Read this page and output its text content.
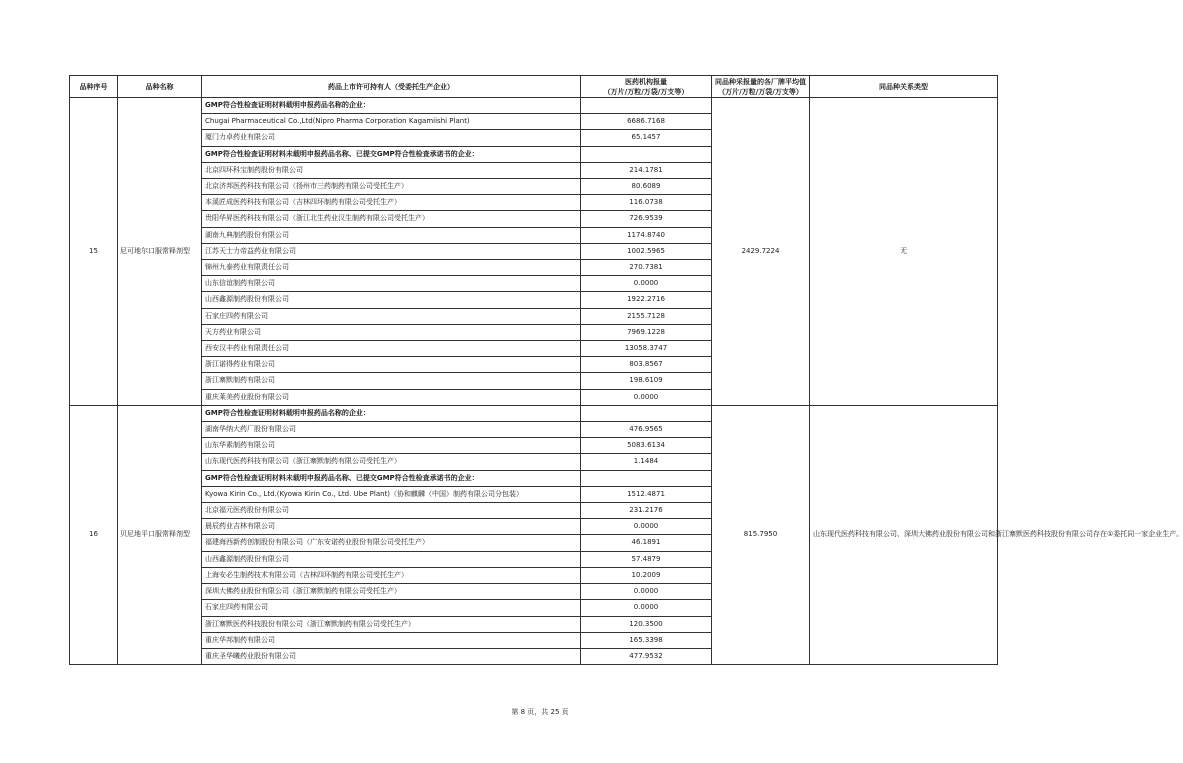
品种序号	品种名称	药品上市许可持有人（受委托生产企业）	医药机构报量
（万片/万粒/万袋/万支等）	同品种采报量的各厂牌平均值
（万片/万粒/万袋/万支等）	同品种关系类型
15	尼可地尔口服常释剂型	GMP符合性检查证明材料载明申报药品名称的企业：		2429.7224	无
		Chugai Pharmaceutical Co.,Ltd(Nipro Pharma Corporation Kagamiishi Plant)	6686.7168		
		厦门力卓药业有限公司	65.1457		
		GMP符合性检查证明材料未载明申报药品名称、已提交GMP符合性检查承诺书的企业：			
		北京四环科宝制药股份有限公司	214.1781		
		北京济邦医药科技有限公司（扬州市三药制药有限公司受托生产）	80.6089		
		本溪匠成医药科技有限公司（吉林四环制药有限公司受托生产）	116.0738		
		贵阳华昇医药科技有限公司（浙江北生药业汉生制药有限公司受托生产）	726.9539		
		湖南九典制药股份有限公司	1174.8740		
		江苏天士力帝益药业有限公司	1002.5965		
		锦州九泰药业有限责任公司	270.7381		
		山东信谊制药有限公司	0.0000		
		山西鑫源制药股份有限公司	1922.2716		
		石家庄四药有限公司	2155.7128		
		天方药业有限公司	7969.1228		
		西安汉丰药业有限责任公司	13058.3747		
		浙江诺得药业有限公司	803.8567		
		浙江寨默制药有限公司	198.6109		
		重庆莱美药业股份有限公司	0.0000		
16	贝尼地平口服常释剂型	GMP符合性检查证明材料载明申报药品名称的企业：		815.7950	山东现代医药科技有限公司、深圳大佛药业股份有限公司和浙江寨默医药科技股份有限公司存在①委托同一家企业生产。
		湖南华纳大药厂股份有限公司	476.9565		
		山东华素制药有限公司	5083.6134		
		山东现代医药科技有限公司（浙江寨默制药有限公司受托生产）	1.1484		
		GMP符合性检查证明材料未载明申报药品名称、已提交GMP符合性检查承诺书的企业：			
		Kyowa Kirin Co., Ltd.(Kyowa Kirin Co., Ltd. Ube Plant)（协和麒麟（中国）制药有限公司分包装）	1512.4871		
		北京福元医药股份有限公司	231.2176		
		晨辰药业吉林有限公司	0.0000		
		福建海西新药创制股份有限公司（广东安诺药业股份有限公司受托生产）	46.1891		
		山西鑫源制药股份有限公司	57.4879		
		上海安必生制药技术有限公司（吉林四环制药有限公司受托生产）	10.2009		
		深圳大佛药业股份有限公司（浙江寨默制药有限公司受托生产）	0.0000		
		石家庄四药有限公司	0.0000		
		浙江寨默医药科技股份有限公司（浙江寨默制药有限公司受托生产）	120.3500		
		重庆华邦制药有限公司	165.3398		
		重庆圣华曦药业股份有限公司	477.9532		
第 8 页，共 25 页
